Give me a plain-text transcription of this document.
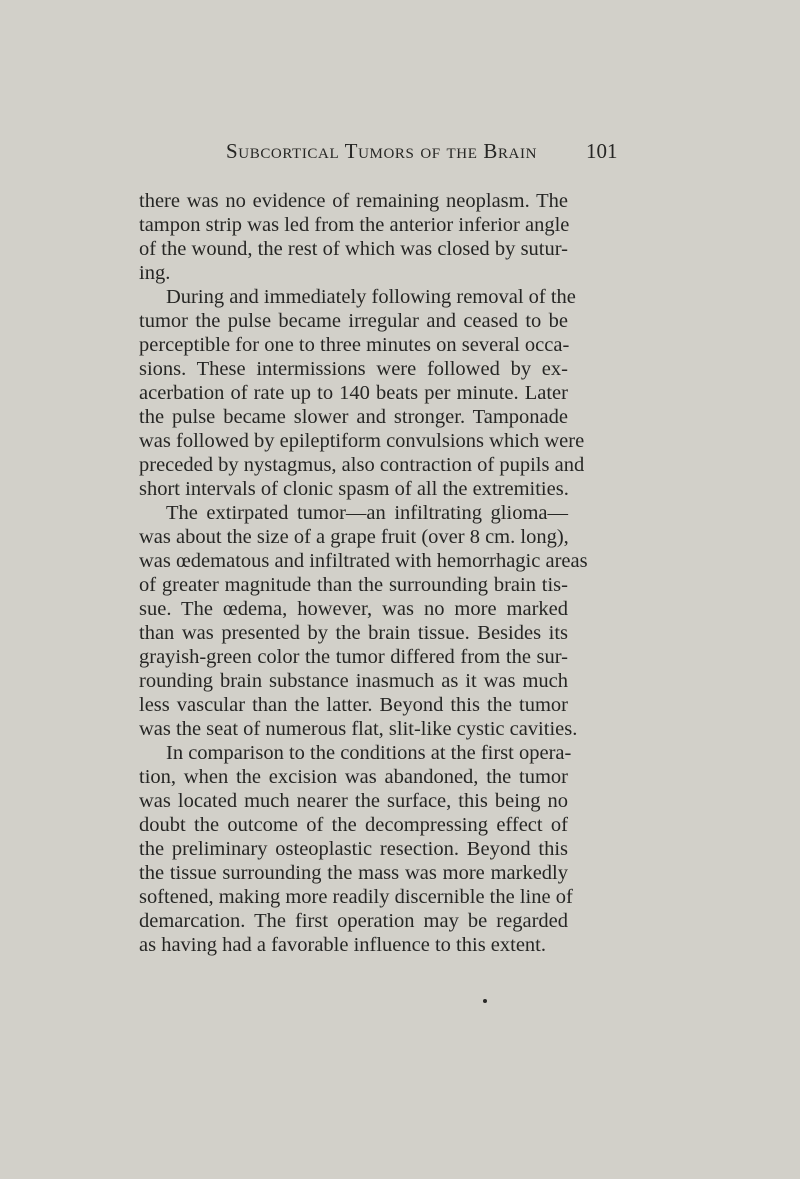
Subcortical Tumors of the Brain 101
there was no evidence of remaining neoplasm. The
tampon strip was led from the anterior inferior angle
of the wound, the rest of which was closed by sutur-
ing.
During and immediately following removal of the
tumor the pulse became irregular and ceased to be
perceptible for one to three minutes on several occa-
sions. These intermissions were followed by ex-
acerbation of rate up to 140 beats per minute. Later
the pulse became slower and stronger. Tamponade
was followed by epileptiform convulsions which were
preceded by nystagmus, also contraction of pupils and
short intervals of clonic spasm of all the extremities.
The extirpated tumor—an infiltrating glioma—
was about the size of a grape fruit (over 8 cm. long),
was œdematous and infiltrated with hemorrhagic areas
of greater magnitude than the surrounding brain tis-
sue. The œdema, however, was no more marked
than was presented by the brain tissue. Besides its
grayish-green color the tumor differed from the sur-
rounding brain substance inasmuch as it was much
less vascular than the latter. Beyond this the tumor
was the seat of numerous flat, slit-like cystic cavities.
In comparison to the conditions at the first opera-
tion, when the excision was abandoned, the tumor
was located much nearer the surface, this being no
doubt the outcome of the decompressing effect of
the preliminary osteoplastic resection. Beyond this
the tissue surrounding the mass was more markedly
softened, making more readily discernible the line of
demarcation. The first operation may be regarded
as having had a favorable influence to this extent.
